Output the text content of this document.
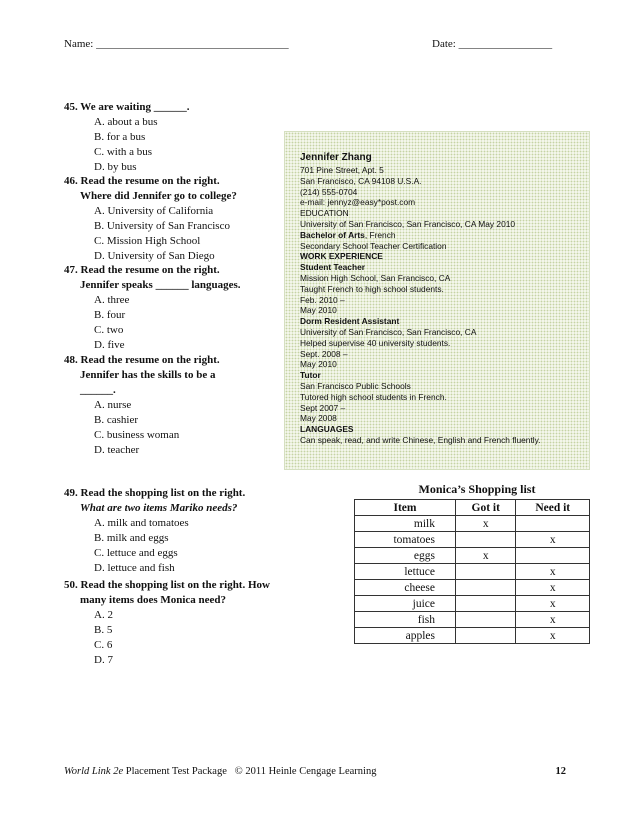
Name: ___________________________________	Date: _________________
45. We are waiting ______.
A. about a bus
B. for a bus
C. with a bus
D. by bus
46. Read the resume on the right.
Where did Jennifer go to college?
A. University of California
B. University of San Francisco
C. Mission High School
D. University of San Diego
47. Read the resume on the right.
Jennifer speaks ______ languages.
A. three
B. four
C. two
D. five
48. Read the resume on the right.
Jennifer has the skills to be a
______.
A. nurse
B. cashier
C. business woman
D. teacher
Jennifer Zhang
701 Pine Street, Apt. 5
San Francisco, CA 94108 U.S.A.
(214) 555-0704
e-mail: jennyz@easy*post.com
EDUCATION
University of San Francisco, San Francisco, CA May 2010
Bachelor of Arts, French
Secondary School Teacher Certification
WORK EXPERIENCE
Student Teacher
Mission High School, San Francisco, CA
Taught French to high school students.
Feb. 2010 –
May 2010
Dorm Resident Assistant
University of San Francisco, San Francisco, CA
Helped supervise 40 university students.
Sept. 2008 –
May 2010
Tutor
San Francisco Public Schools
Tutored high school students in French.
Sept 2007 –
May 2008
LANGUAGES
Can speak, read, and write Chinese, English and French fluently.
49. Read the shopping list on the right.
What are two items Mariko needs?
A. milk and tomatoes
B. milk and eggs
C. lettuce and eggs
D. lettuce and fish
50. Read the shopping list on the right. How
many items does Monica need?
A. 2
B. 5
C. 6
D. 7
Monica’s Shopping list
Item	Got it	Need it
milk	x	
tomatoes		x
eggs	x	
lettuce		x
cheese		x
juice		x
fish		x
apples		x
World Link 2e Placement Test Package   © 2011 Heinle Cengage Learning	12
